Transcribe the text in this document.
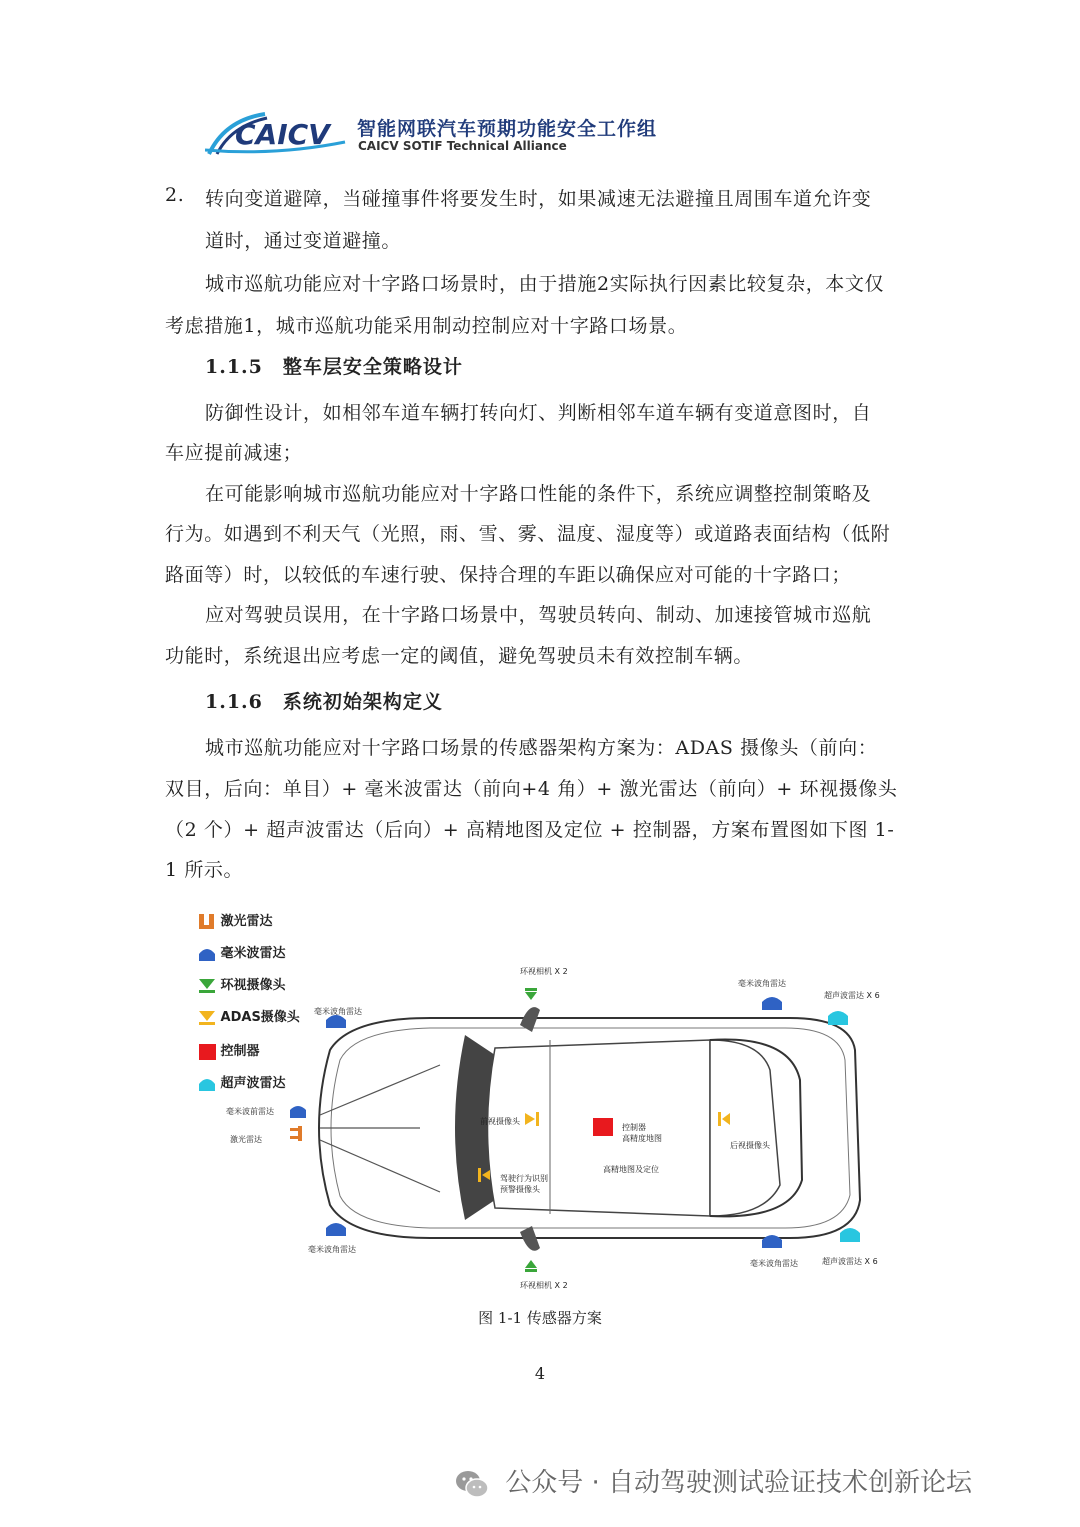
CAICV 智能网联汽车预期功能安全工作组
CAICV SOTIF Technical Alliance
2. 转向变道避障，当碰撞事件将要发生时，如果减速无法避撞且周围车道允许变
道时，通过变道避撞。
城市巡航功能应对十字路口场景时，由于措施2实际执行因素比较复杂，本文仅
考虑措施1，城市巡航功能采用制动控制应对十字路口场景。
1.1.5　整车层安全策略设计
防御性设计，如相邻车道车辆打转向灯、判断相邻车道车辆有变道意图时，自
车应提前减速；
在可能影响城市巡航功能应对十字路口性能的条件下，系统应调整控制策略及
行为。如遇到不利天气（光照，雨、雪、雾、温度、湿度等）或道路表面结构（低附
路面等）时，以较低的车速行驶、保持合理的车距以确保应对可能的十字路口；
应对驾驶员误用，在十字路口场景中，驾驶员转向、制动、加速接管城市巡航
功能时，系统退出应考虑一定的阈值，避免驾驶员未有效控制车辆。
1.1.6　系统初始架构定义
城市巡航功能应对十字路口场景的传感器架构方案为：ADAS 摄像头（前向：
双目，后向：单目）+ 毫米波雷达（前向+4 角）+ 激光雷达（前向）+ 环视摄像头
（2 个）+ 超声波雷达（后向）+ 高精地图及定位 + 控制器，方案布置图如下图 1-
1 所示。
激光雷达
毫米波雷达
环视摄像头
ADAS摄像头
控制器
超声波雷达
环视相机 X 2
环视相机 X 2
毫米波角雷达
毫米波角雷达
毫米波角雷达
毫米波角雷达
超声波雷达 X 6
超声波雷达 X 6
毫米波前雷达
激光雷达
前视摄像头
驾驶行为识别
预警摄像头
控制器
高精度地图
高精地图及定位
后视摄像头
图 1-1 传感器方案
4
公众号 · 自动驾驶测试验证技术创新论坛
